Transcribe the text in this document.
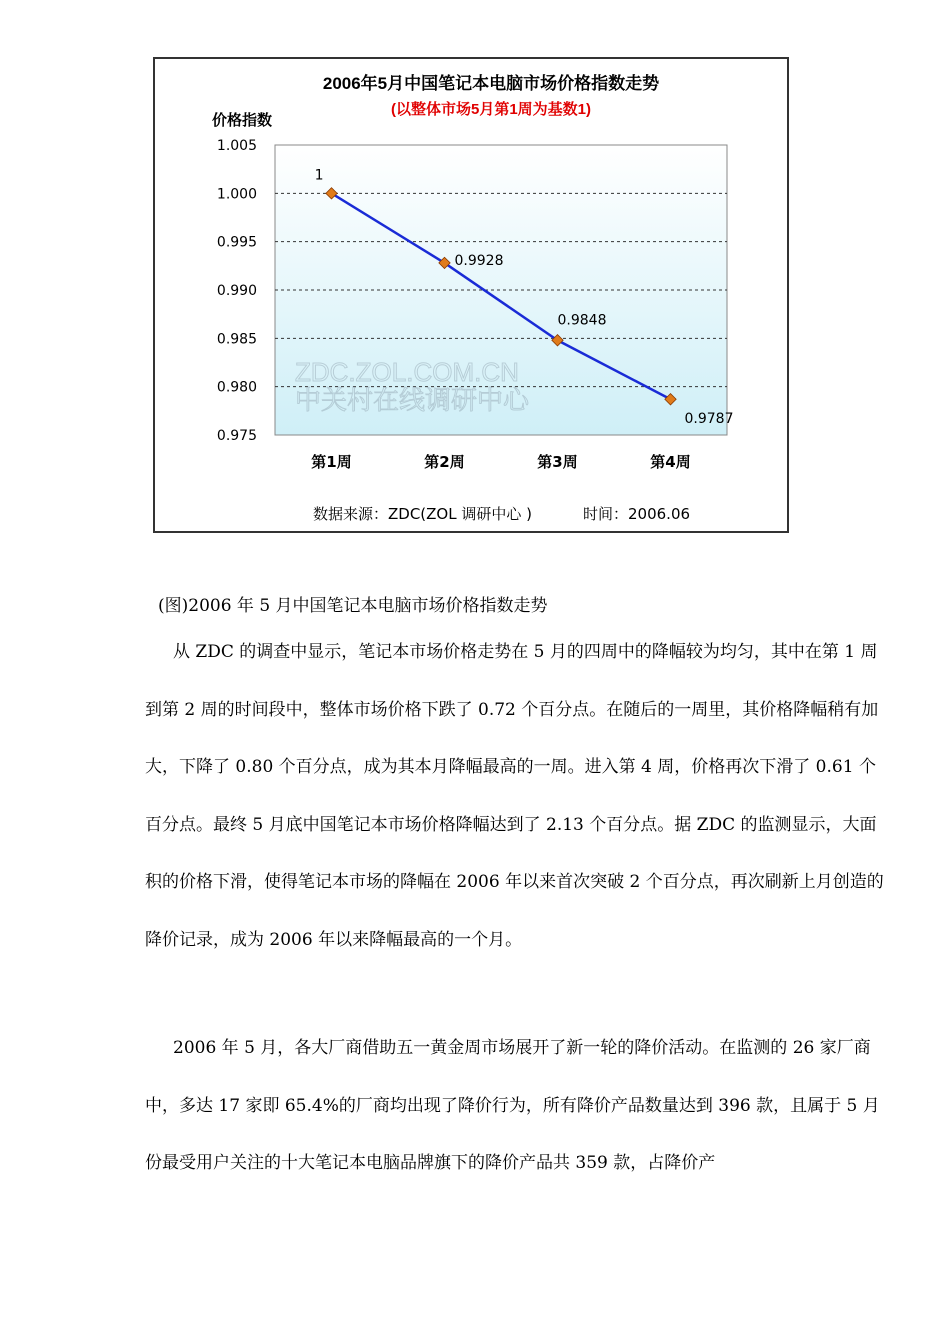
2006年5月中国笔记本电脑市场价格指数走势
(以整体市场5月第1周为基数1)
价格指数
1.005
1.000
0.995
0.990
0.985
0.980
0.975
第1周	第2周	第3周	第4周
1
0.9928
0.9848
0.9787
ZDC.ZOL.COM.CN
中关村在线调研中心
数据来源：ZDC(ZOL 调研中心 )	时间：2006.06
(图)2006 年 5 月中国笔记本电脑市场价格指数走势

从 ZDC 的调查中显示，笔记本市场价格走势在 5 月的四周中的降幅较为均匀，其中在第 1 周到第 2 周的时间段中，整体市场价格下跌了 0.72 个百分点。在随后的一周里，其价格降幅稍有加大，下降了 0.80 个百分点，成为其本月降幅最高的一周。进入第 4 周，价格再次下滑了 0.61 个百分点。最终 5 月底中国笔记本市场价格降幅达到了 2.13 个百分点。据 ZDC 的监测显示，大面积的价格下滑，使得笔记本市场的降幅在 2006 年以来首次突破 2 个百分点，再次刷新上月创造的降价记录，成为 2006 年以来降幅最高的一个月。

2006 年 5 月，各大厂商借助五一黄金周市场展开了新一轮的降价活动。在监测的 26 家厂商中，多达 17 家即 65.4%的厂商均出现了降价行为，所有降价产品数量达到 396 款，且属于 5 月份最受用户关注的十大笔记本电脑品牌旗下的降价产品共 359 款，占降价产
